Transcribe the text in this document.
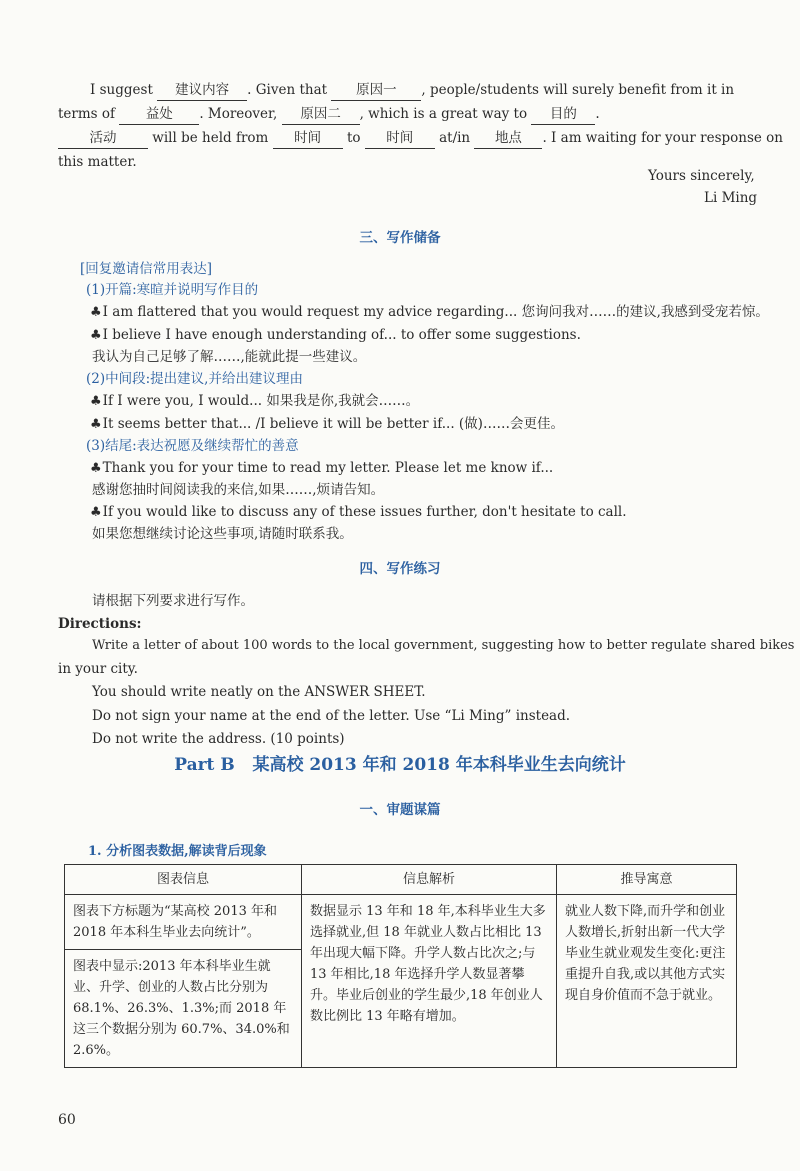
I suggest 建议内容 . Given that 原因一 , people/students will surely benefit from it in
terms of 益处 . Moreover, 原因二 , which is a great way to 目的 .
活动	will be held from 时间 to 时间 at/in 地点 . I am waiting for your response on
this matter.
Yours sincerely,
Li Ming
三、写作储备
[回复邀请信常用表达]
(1)开篇:寒暄并说明写作目的
♣I am flattered that you would request my advice regarding... 您询问我对……的建议,我感到受宠若惊。
♣I believe I have enough understanding of... to offer some suggestions.
我认为自己足够了解……,能就此提一些建议。
(2)中间段:提出建议,并给出建议理由
♣If I were you, I would... 如果我是你,我就会……。
♣It seems better that... /I believe it will be better if... (做)……会更佳。
(3)结尾:表达祝愿及继续帮忙的善意
♣Thank you for your time to read my letter. Please let me know if...
感谢您抽时间阅读我的来信,如果……,烦请告知。
♣If you would like to discuss any of these issues further, don't hesitate to call.
如果您想继续讨论这些事项,请随时联系我。
四、写作练习
请根据下列要求进行写作。
Directions:
Write a letter of about 100 words to the local government, suggesting how to better regulate shared bikes
in your city.
You should write neatly on the ANSWER SHEET.
Do not sign your name at the end of the letter. Use “Li Ming” instead.
Do not write the address. (10 points)
Part B   某高校 2013 年和 2018 年本科毕业生去向统计
一、审题谋篇
1. 分析图表数据,解读背后现象
图表信息	信息解析	推导寓意
图表下方标题为“某高校 2013 年和 2018 年本科生毕业去向统计”。	数据显示 13 年和 18 年,本科毕业生大多选择就业,但 18 年就业人数占比相比 13 年出现大幅下降。升学人数占比次之;与 13 年相比,18 年选择升学人数显著攀升。毕业后创业的学生最少,18 年创业人数比例比 13 年略有增加。	就业人数下降,而升学和创业人数增长,折射出新一代大学毕业生就业观发生变化:更注重提升自我,或以其他方式实现自身价值而不急于就业。
图表中显示:2013 年本科毕业生就业、升学、创业的人数占比分别为 68.1%、26.3%、1.3%;而 2018 年这三个数据分别为 60.7%、34.0%和 2.6%。		
60
